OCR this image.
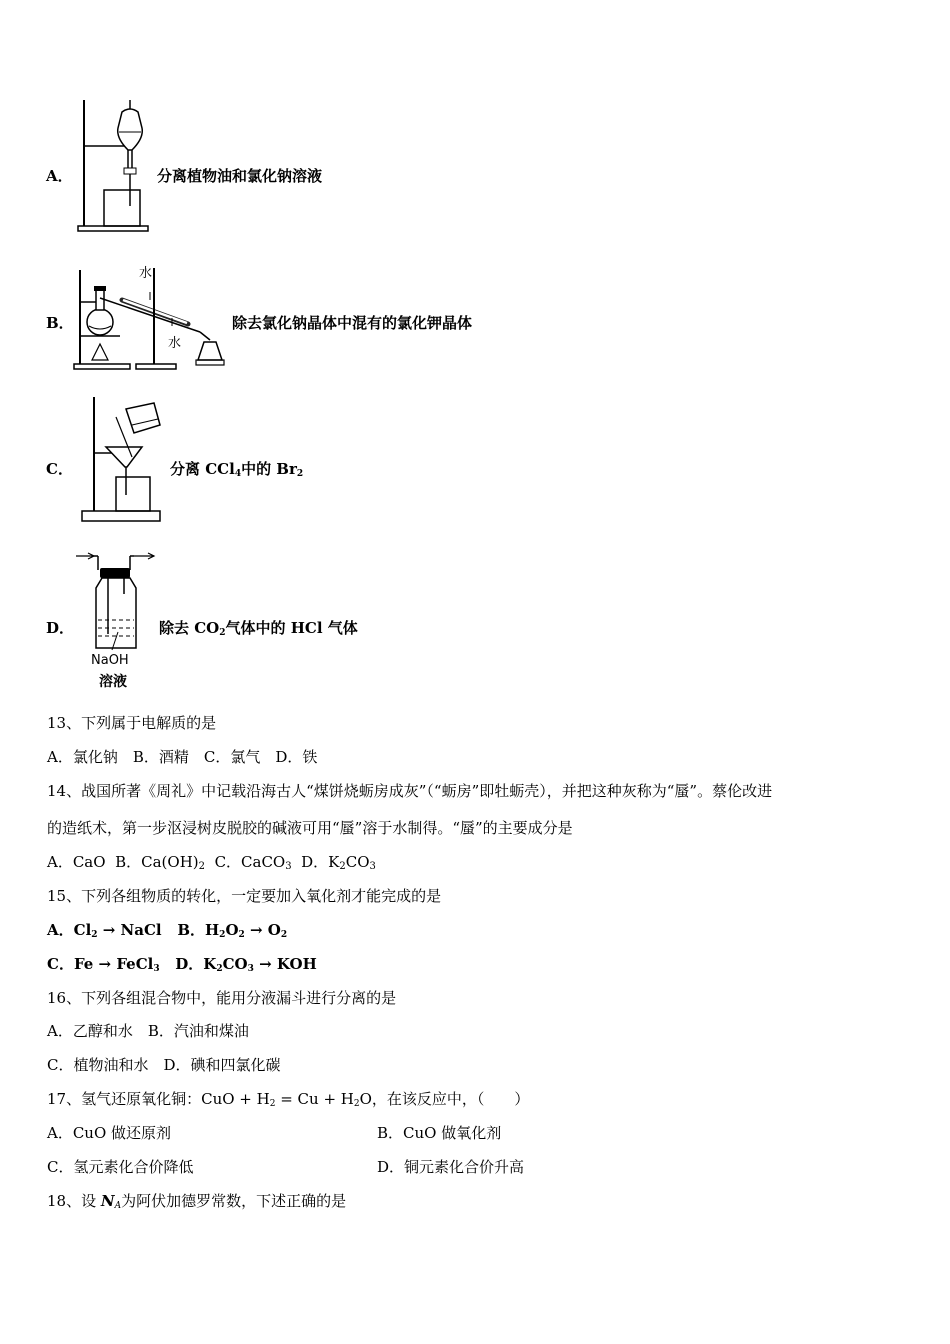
A．	分离植物油和氯化钠溶液
B．
水
水
除去氯化钠晶体中混有的氯化钾晶体
C．	分离 CCl4中的 Br2
D．
NaOH
溶液
除去 CO2气体中的 HCl 气体
13、下列属于电解质的是
A．氯化钠　B．酒精　C．氯气　D．铁
14、战国所著《周礼》中记载沿海古人“煤饼烧蛎房成灰”（“蛎房”即牡蛎壳），并把这种灰称为“蜃”。蔡伦改进
的造纸术，第一步沤浸树皮脱胶的碱液可用“蜃”溶于水制得。“蜃”的主要成分是
A．CaO B．Ca(OH)2 C．CaCO3 D．K2CO3
15、下列各组物质的转化，一定要加入氧化剂才能完成的是
A．Cl2 → NaCl B．H2O2 → O2
C．Fe → FeCl3 D．K2CO3 → KOH
16、下列各组混合物中，能用分液漏斗进行分离的是
A．乙醇和水　B．汽油和煤油
C．植物油和水　D．碘和四氯化碳
17、氢气还原氧化铜：CuO + H2 = Cu + H2O，在该反应中，（　　）
A．CuO 做还原剂	B．CuO 做氧化剂
C．氢元素化合价降低	D．铜元素化合价升高
18、设 NA为阿伏加德罗常数，下述正确的是
